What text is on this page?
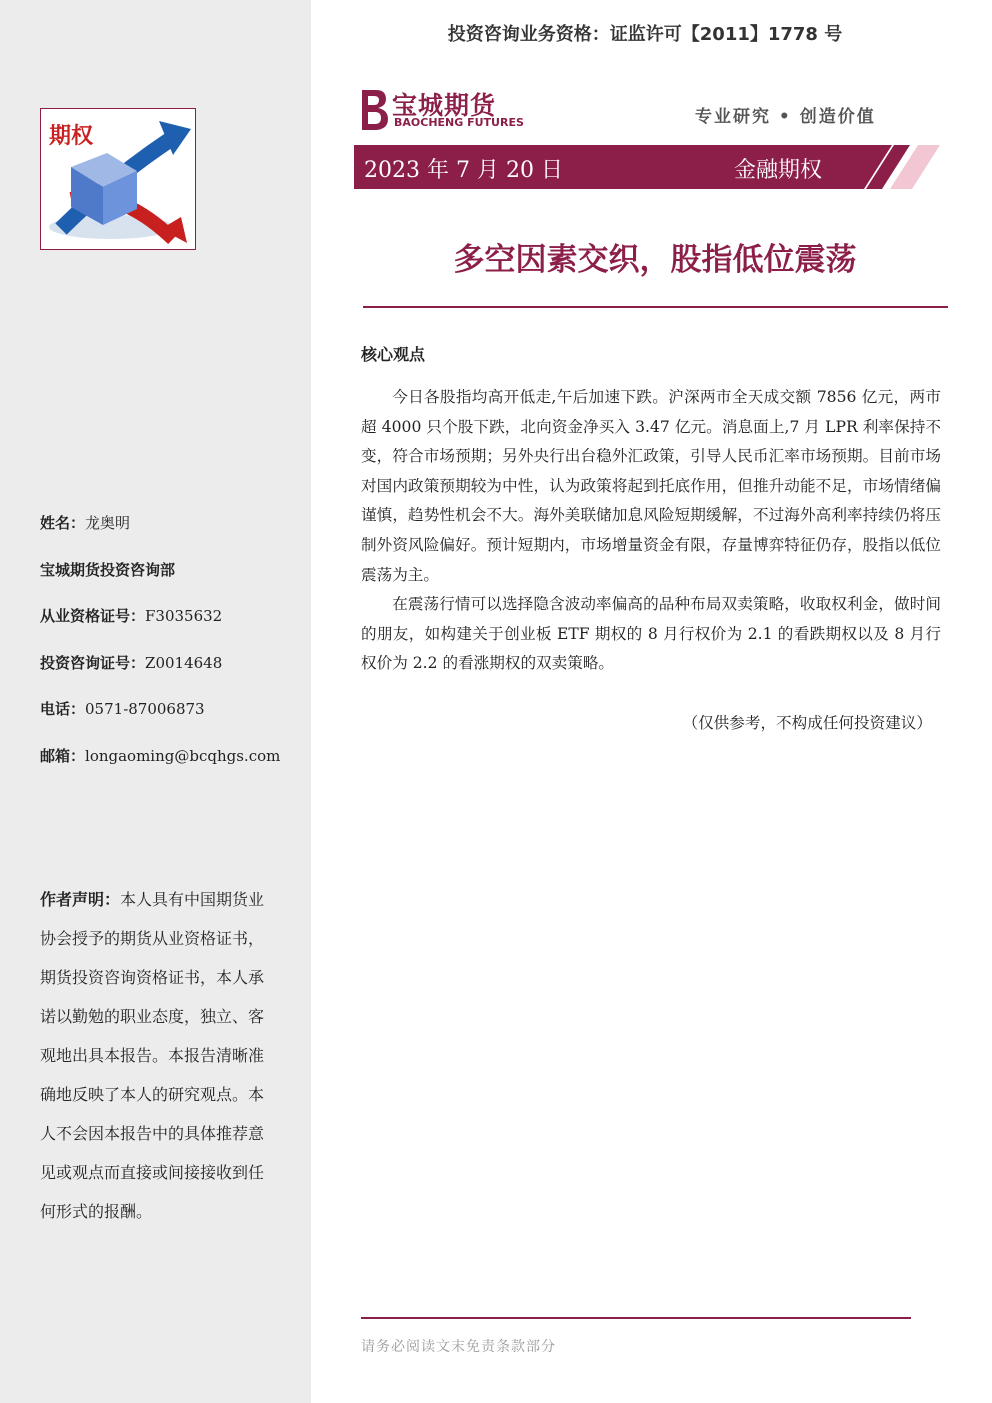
UP
DO
期权
姓名：龙奥明
宝城期货投资咨询部
从业资格证号：F3035632
投资咨询证号：Z0014648
电话：0571-87006873
邮箱：longaoming@bcqhgs.com
作者声明：本人具有中国期货业协会授予的期货从业资格证书，期货投资咨询资格证书，本人承诺以勤勉的职业态度，独立、客观地出具本报告。本报告清晰准确地反映了本人的研究观点。本人不会因本报告中的具体推荐意见或观点而直接或间接接收到任何形式的报酬。
投资咨询业务资格：证监许可【2011】1778 号
宝城期货
BAOCHENG FUTURES	专业研究 • 创造价值
2023 年 7 月 20 日	金融期权
多空因素交织，股指低位震荡
核心观点

今日各股指均高开低走,午后加速下跌。沪深两市全天成交额 7856 亿元，两市超 4000 只个股下跌，北向资金净买入 3.47 亿元。消息面上,7 月 LPR 利率保持不变，符合市场预期；另外央行出台稳外汇政策，引导人民币汇率市场预期。目前市场对国内政策预期较为中性，认为政策将起到托底作用，但推升动能不足，市场情绪偏谨慎，趋势性机会不大。海外美联储加息风险短期缓解，不过海外高利率持续仍将压制外资风险偏好。预计短期内，市场增量资金有限，存量博弈特征仍存，股指以低位震荡为主。

在震荡行情可以选择隐含波动率偏高的品种布局双卖策略，收取权利金，做时间的朋友，如构建关于创业板 ETF 期权的 8 月行权价为 2.1 的看跌期权以及 8 月行权价为 2.2 的看涨期权的双卖策略。

（仅供参考，不构成任何投资建议）
请务必阅读文末免责条款部分
